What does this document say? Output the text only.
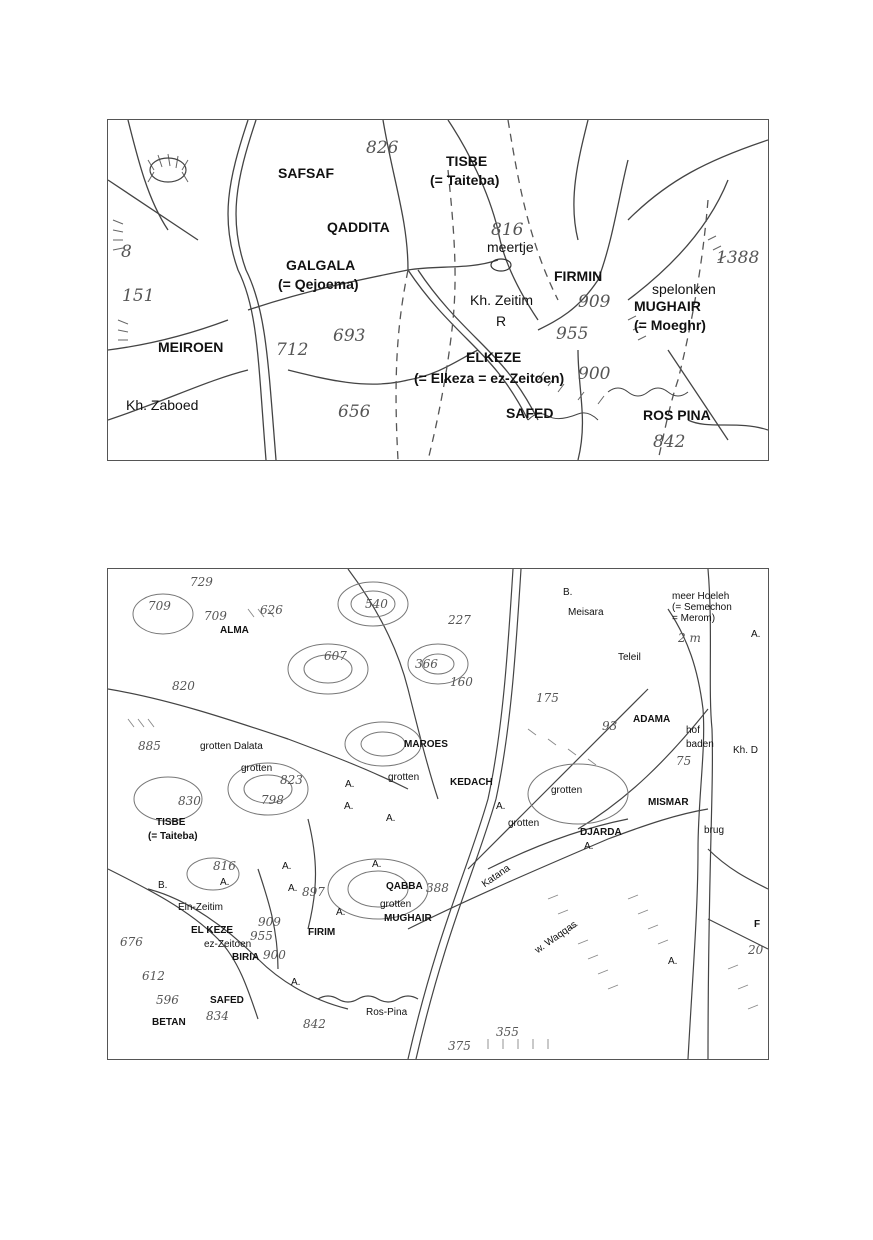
826
816
1388
151
8
909
955
712
693
900
656
842
SAFSAF
TISBE
(= Taiteba)
QADDITA
GALGALA
(= Qejoema)
meertje
FIRMIN
spelonken
MUGHAIR
(= Moeghr)
Kh. Zeitim
R
MEIROEN
ELKEZE
(= Elkeza = ez-Zeitoen)
Kh. Zaboed	SAFED	ROS PINA
729
709
709	626	540
227
607
366
160
175
820
93
885
75
823
798
830
816
897	388
909
955
676
900
612
596
834
842
355
375
2 m
20
ALMA
B.
Meisara
meer Hoeleh
(= Semechon
= Merom)
A.
Teleil
ADAMA
hof
baden
Kh. D
MAROES
grotten Dalata
grotten
grotten	KEDACH
grotten
MISMAR
brug
TISBE
(= Taiteba)
grotten
DJARDA
A.
A.
A.
A.
A.
A.	A.
A.
A.
A.
A.
A.
B.	QABBA	Katana
Ein-Zeitim	grotten
MUGHAIR
FIRIM
EL KEZE
ez-Zeitoen
BIRIA
w. Waqqas	F
SAFED
BETAN
Ros-Pina
